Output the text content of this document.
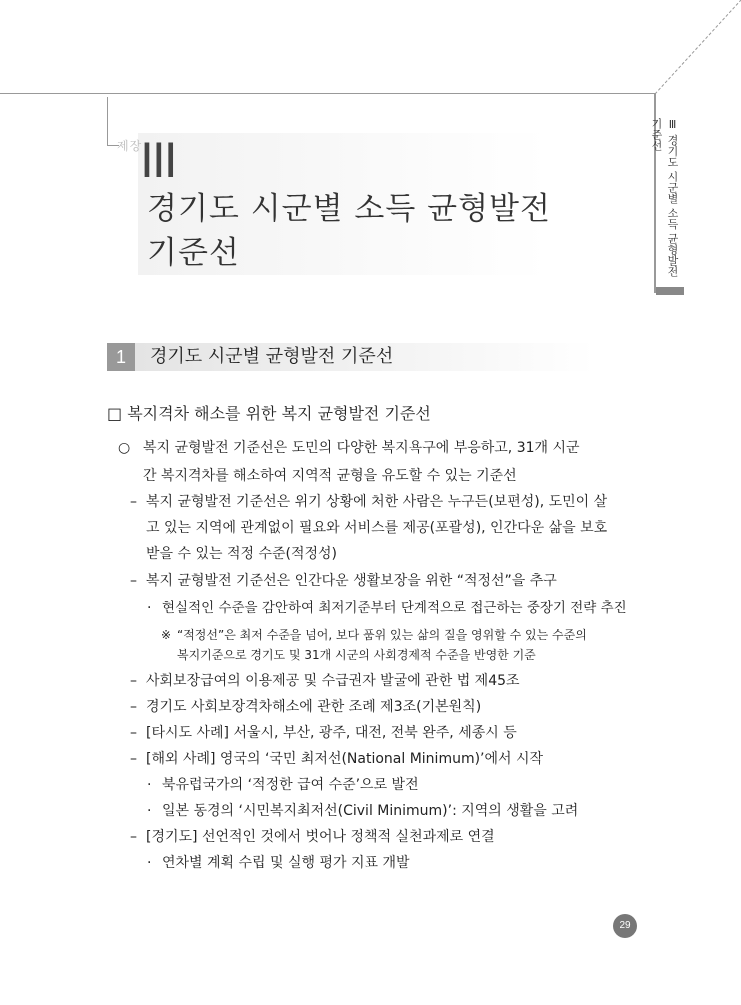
제장
III
경기도 시군별 소득 균형발전
기준선	Ⅲ 경기도 시군별 소득 균형발전
기준선
1	경기도 시군별 균형발전 기준선
□ 복지격차 해소를 위한 복지 균형발전 기준선
○ 복지 균형발전 기준선은 도민의 다양한 복지욕구에 부응하고, 31개 시군
간 복지격차를 해소하여 지역적 균형을 유도할 수 있는 기준선
– 복지 균형발전 기준선은 위기 상황에 처한 사람은 누구든(보편성), 도민이 살
고 있는 지역에 관계없이 필요와 서비스를 제공(포괄성), 인간다운 삶을 보호
받을 수 있는 적정 수준(적정성)
– 복지 균형발전 기준선은 인간다운 생활보장을 위한 “적정선”을 추구
· 현실적인 수준을 감안하여 최저기준부터 단계적으로 접근하는 중장기 전략 추진
※ “적정선”은 최저 수준을 넘어, 보다 품위 있는 삶의 질을 영위할 수 있는 수준의
복지기준으로 경기도 및 31개 시군의 사회경제적 수준을 반영한 기준
– 사회보장급여의 이용제공 및 수급권자 발굴에 관한 법 제45조
– 경기도 사회보장격차해소에 관한 조례 제3조(기본원칙)
– [타시도 사례] 서울시, 부산, 광주, 대전, 전북 완주, 세종시 등
– [해외 사례] 영국의 ‘국민 최저선(National Minimum)’에서 시작
· 북유럽국가의 ‘적정한 급여 수준’으로 발전
· 일본 동경의 ‘시민복지최저선(Civil Minimum)’: 지역의 생활을 고려
– [경기도] 선언적인 것에서 벗어나 정책적 실천과제로 연결
· 연차별 계획 수립 및 실행 평가 지표 개발
29
